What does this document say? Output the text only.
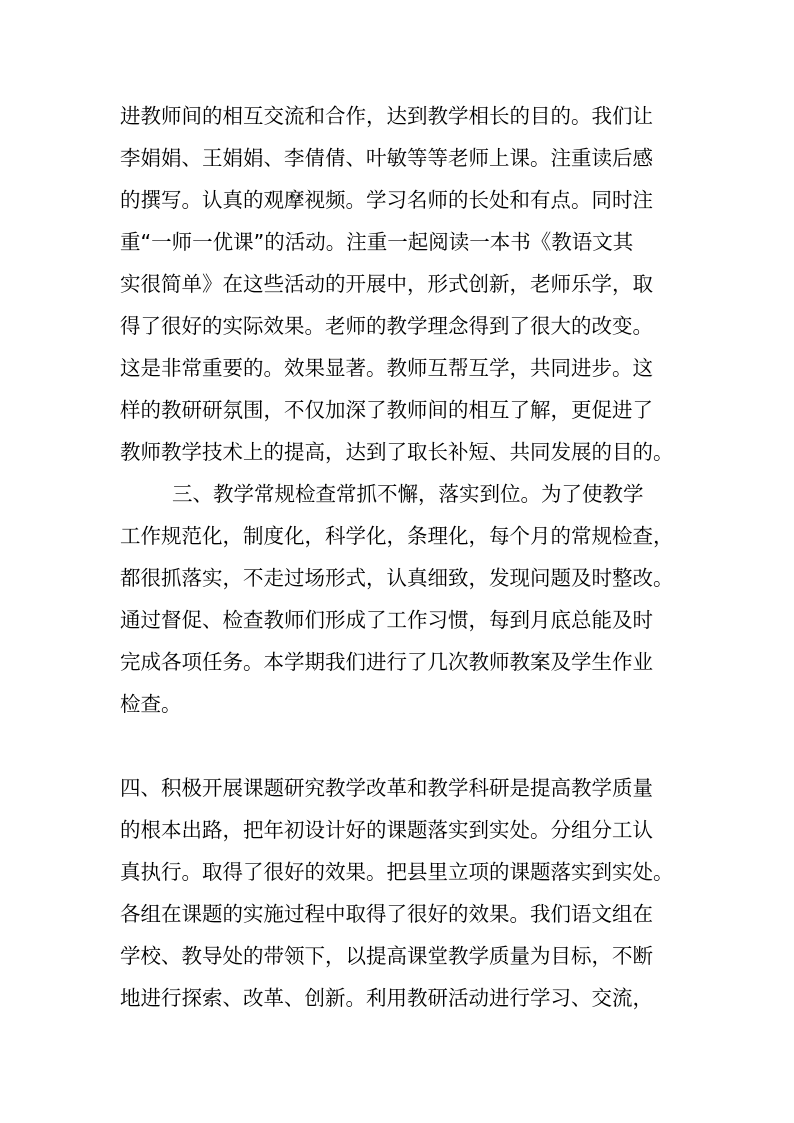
进教师间的相互交流和合作，达到教学相长的目的。我们让
李娟娟、王娟娟、李倩倩、叶敏等等老师上课。注重读后感
的撰写。认真的观摩视频。学习名师的长处和有点。同时注
重“一师一优课”的活动。注重一起阅读一本书《教语文其
实很简单》在这些活动的开展中，形式创新，老师乐学，取
得了很好的实际效果。老师的教学理念得到了很大的改变。
这是非常重要的。效果显著。教师互帮互学，共同进步。这
样的教研研氛围，不仅加深了教师间的相互了解，更促进了
教师教学技术上的提高，达到了取长补短、共同发展的目的。
三、教学常规检查常抓不懈，落实到位。为了使教学
工作规范化，制度化，科学化，条理化，每个月的常规检查，
都很抓落实，不走过场形式，认真细致，发现问题及时整改。
通过督促、检查教师们形成了工作习惯，每到月底总能及时
完成各项任务。本学期我们进行了几次教师教案及学生作业
检查。
四、积极开展课题研究教学改革和教学科研是提高教学质量
的根本出路，把年初设计好的课题落实到实处。分组分工认
真执行。取得了很好的效果。把县里立项的课题落实到实处。
各组在课题的实施过程中取得了很好的效果。我们语文组在
学校、教导处的带领下，以提高课堂教学质量为目标，不断
地进行探索、改革、创新。利用教研活动进行学习、交流，
